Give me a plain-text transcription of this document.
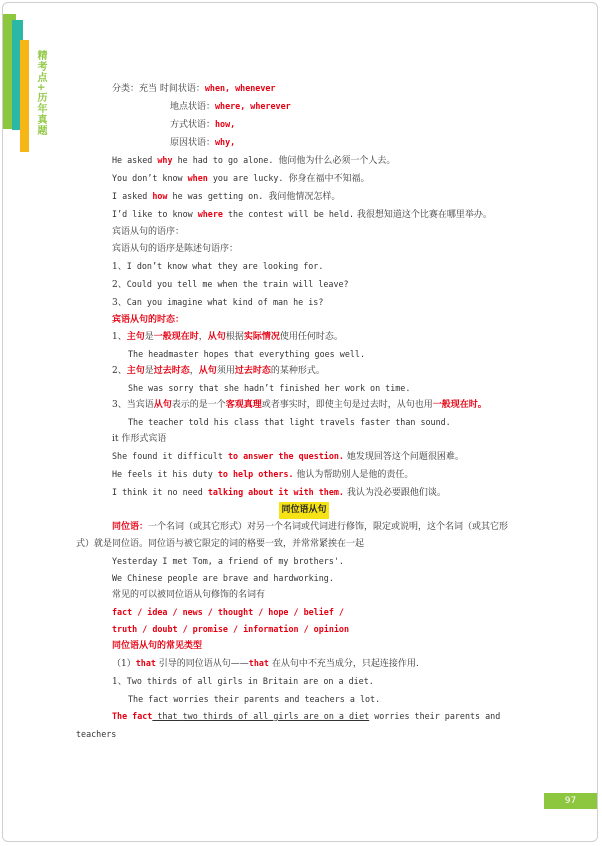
精考点+历年真题	分类：充当 时间状语：when, whenever
地点状语：where, wherever
方式状语：how,
原因状语：why,
He asked why he had to go alone. 他问他为什么必须一个人去。
You don’t know when you are lucky. 你身在福中不知福。
I asked how he was getting on. 我问他情况怎样。
I’d like to know where the contest will be held. 我很想知道这个比赛在哪里举办。
宾语从句的语序：
宾语从句的语序是陈述句语序：
1、I don’t know what they are looking for.
2、Could you tell me when the train will leave?
3、Can you imagine what kind of man he is?
宾语从句的时态：
1、主句是一般现在时，从句根据实际情况使用任何时态。
The headmaster hopes that everything goes well.
2、主句是过去时态，从句须用过去时态的某种形式。
She was sorry that she hadn’t finished her work on time.
3、当宾语从句表示的是一个客观真理或者事实时，即使主句是过去时，从句也用一般现在时。
The teacher told his class that light travels faster than sound.
it 作形式宾语
She found it difficult to answer the question. 她发现回答这个问题很困难。
He feels it his duty to help others. 他认为帮助别人是他的责任。
I think it no need talking about it with them. 我认为没必要跟他们谈。
同位语从句
同位语：一个名词（或其它形式）对另一个名词或代词进行修饰，限定或说明，这个名词（或其它形式）就是同位语。同位语与被它限定的词的格要一致，并常常紧挨在一起
Yesterday I met Tom, a friend of my brothers'.
We Chinese people are brave and hardworking.
常见的可以被同位语从句修饰的名词有
fact / idea / news / thought / hope / belief /
truth / doubt / promise / information / opinion
同位语从句的常见类型
（1）that 引导的同位语从句——that 在从句中不充当成分，只起连接作用.
1、Two thirds of all girls in Britain are on a diet.
The fact worries their parents and teachers a lot.
The fact that two thirds of all girls are on a diet worries their parents and teachers
97
